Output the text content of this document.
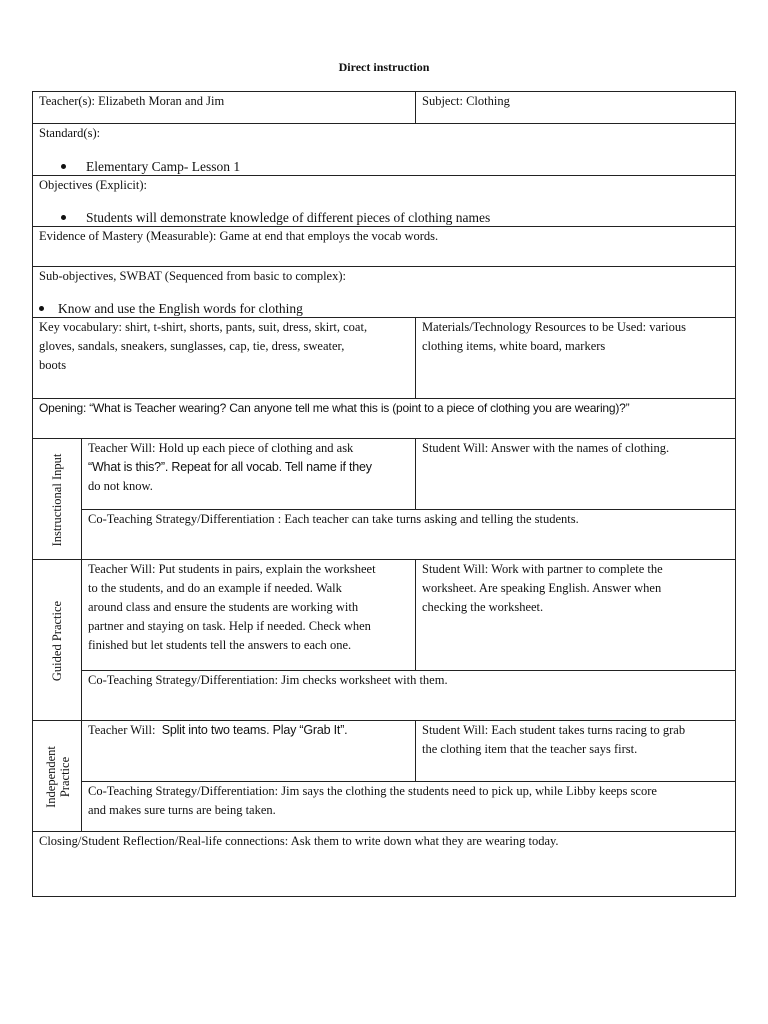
Direct instruction
Teacher(s): Elizabeth Moran and Jim	Subject: Clothing
Standard(s):
Elementary Camp- Lesson 1
Objectives (Explicit):
Students will demonstrate knowledge of different pieces of clothing names
Evidence of Mastery (Measurable): Game at end that employs the vocab words.
Sub-objectives, SWBAT (Sequenced from basic to complex):
Know and use the English words for clothing
Key vocabulary: shirt, t-shirt, shorts, pants, suit, dress, skirt, coat,
gloves, sandals, sneakers, sunglasses, cap, tie, dress, sweater,
boots
Materials/Technology Resources to be Used: various
clothing items, white board, markers
Opening: “What is Teacher wearing? Can anyone tell me what this is (point to a piece of clothing you are wearing)?”
Instructional Input
Teacher Will: Hold up each piece of clothing and ask
“What is this?”. Repeat for all vocab. Tell name if they
do not know.
Student Will: Answer with the names of clothing.
Co-Teaching Strategy/Differentiation : Each teacher can take turns asking and telling the students.
Guided Practice
Teacher Will: Put students in pairs, explain the worksheet
to the students, and do an example if needed. Walk
around class and ensure the students are working with
partner and staying on task. Help if needed. Check when
finished but let students tell the answers to each one.
Student Will: Work with partner to complete the
worksheet. Are speaking English. Answer when
checking the worksheet.
Co-Teaching Strategy/Differentiation: Jim checks worksheet with them.
Independent Practice
Teacher Will:  Split into two teams. Play “Grab It”.	Student Will: Each student takes turns racing to grab
the clothing item that the teacher says first.
Co-Teaching Strategy/Differentiation: Jim says the clothing the students need to pick up, while Libby keeps score
and makes sure turns are being taken.
Closing/Student Reflection/Real-life connections: Ask them to write down what they are wearing today.
